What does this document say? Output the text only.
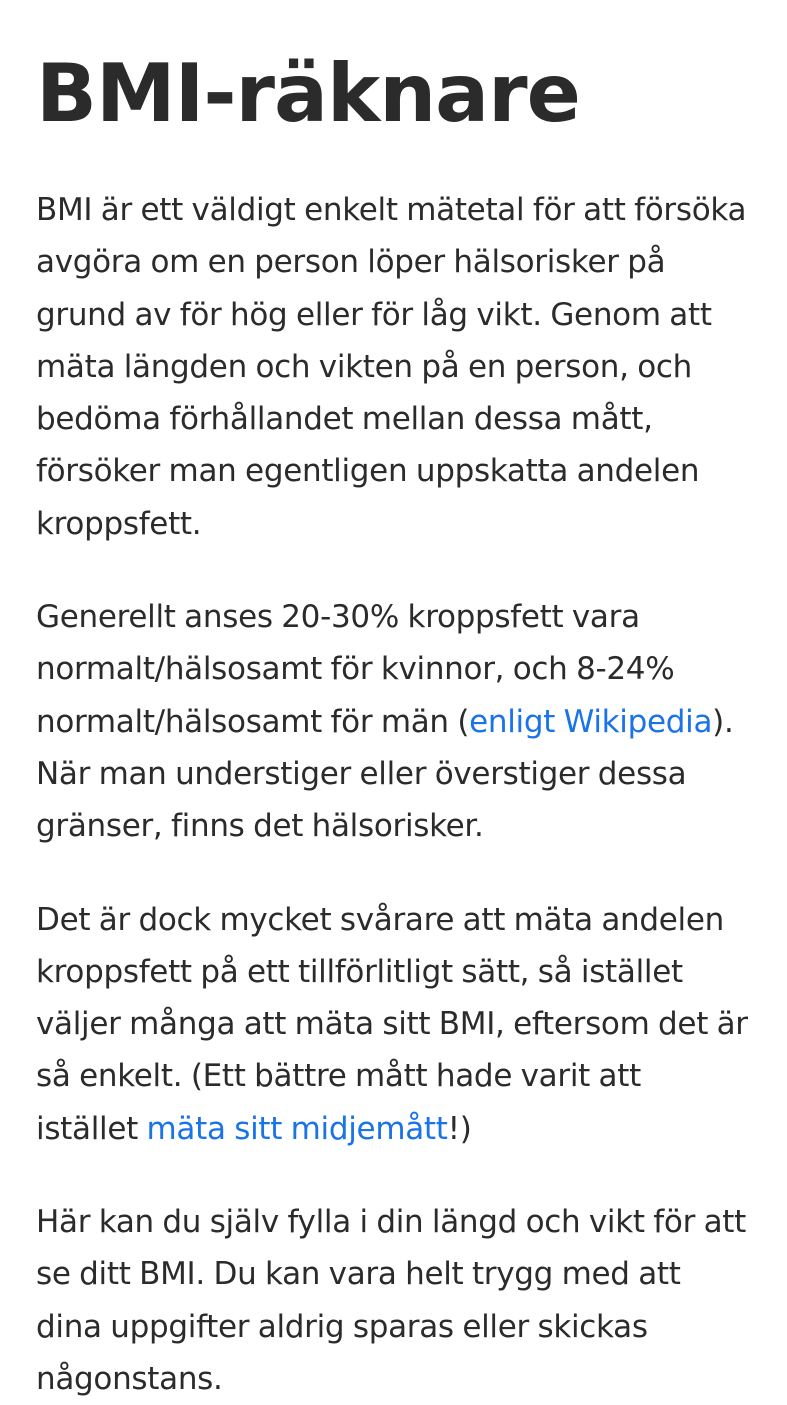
BMI-räknare

BMI är ett väldigt enkelt mätetal för att försöka avgöra om en person löper hälsorisker på grund av för hög eller för låg vikt. Genom att mäta längden och vikten på en person, och bedöma förhållandet mellan dessa mått, försöker man egentligen uppskatta andelen kroppsfett.

Generellt anses 20-30% kroppsfett vara normalt/hälsosamt för kvinnor, och 8-24% normalt/hälsosamt för män (enligt Wikipedia). När man understiger eller överstiger dessa gränser, finns det hälsorisker.

Det är dock mycket svårare att mäta andelen kroppsfett på ett tillförlitligt sätt, så istället väljer många att mäta sitt BMI, eftersom det är så enkelt. (Ett bättre mått hade varit att istället mäta sitt midjemått!)

Här kan du själv fylla i din längd och vikt för att se ditt BMI. Du kan vara helt trygg med att dina uppgifter aldrig sparas eller skickas någonstans.
